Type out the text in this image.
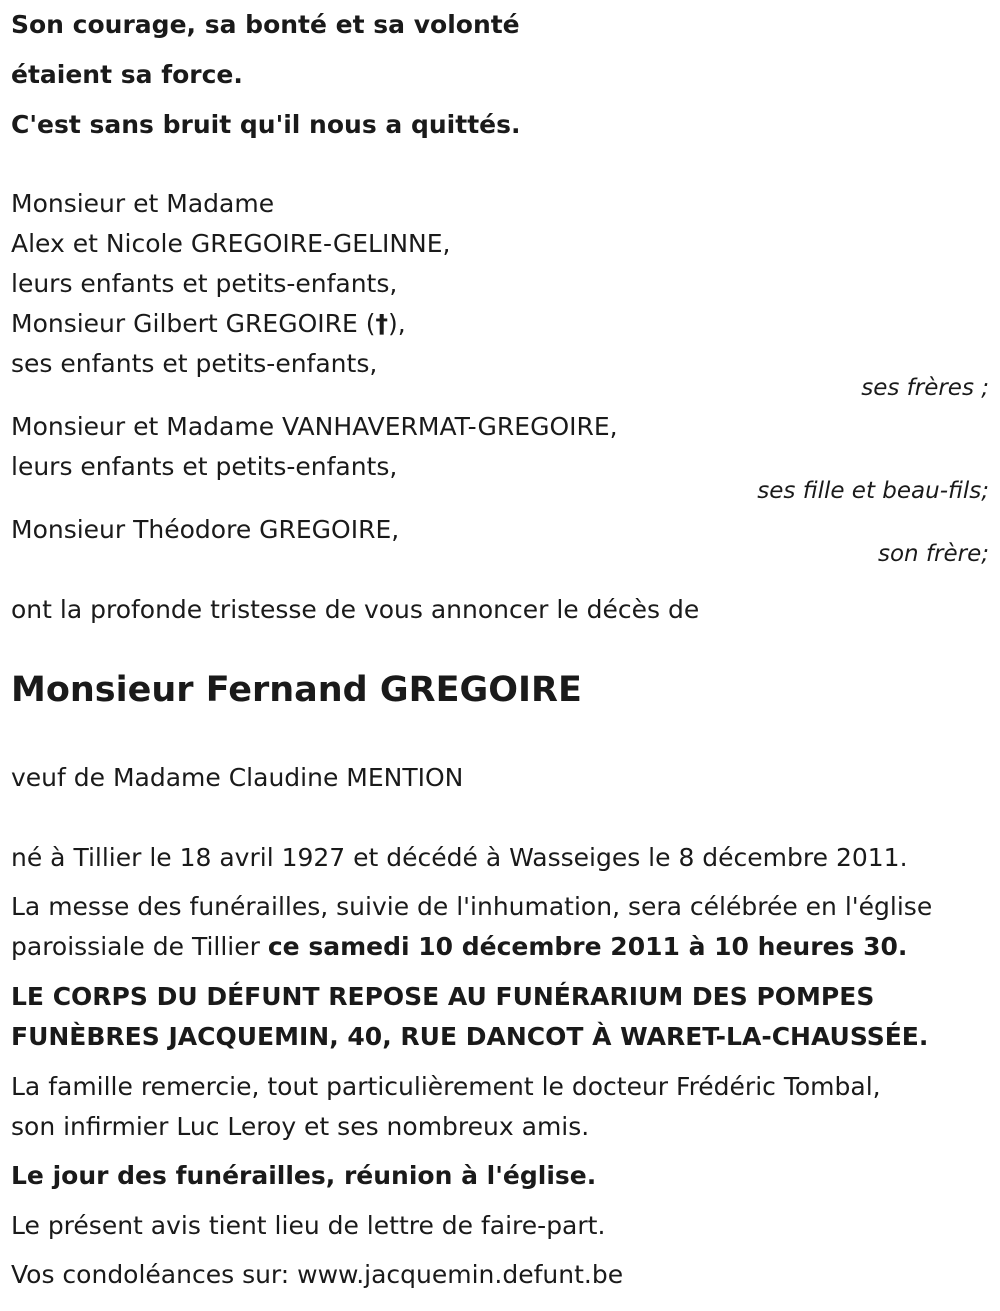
Son courage, sa bonté et sa volonté
étaient sa force.
C'est sans bruit qu'il nous a quittés.
Monsieur et Madame
Alex et Nicole GREGOIRE-GELINNE,
leurs enfants et petits-enfants,
Monsieur Gilbert GREGOIRE (†),
ses enfants et petits-enfants,
ses frères ;
Monsieur et Madame VANHAVERMAT-GREGOIRE,
leurs enfants et petits-enfants,
ses fille et beau-fils;
Monsieur Théodore GREGOIRE,
son frère;
ont la profonde tristesse de vous annoncer le décès de
Monsieur Fernand GREGOIRE
veuf de Madame Claudine MENTION
né à Tillier le 18 avril 1927 et décédé à Wasseiges le 8 décembre 2011.
La messe des funérailles, suivie de l'inhumation, sera célébrée en l'église
paroissiale de Tillier ce samedi 10 décembre 2011 à 10 heures 30.
LE CORPS DU DÉFUNT REPOSE AU FUNÉRARIUM DES POMPES
FUNÈBRES JACQUEMIN, 40, RUE DANCOT À WARET-LA-CHAUSSÉE.
La famille remercie, tout particulièrement le docteur Frédéric Tombal,
son infirmier Luc Leroy et ses nombreux amis.
Le jour des funérailles, réunion à l'église.
Le présent avis tient lieu de lettre de faire-part.
Vos condoléances sur: www.jacquemin.defunt.be
